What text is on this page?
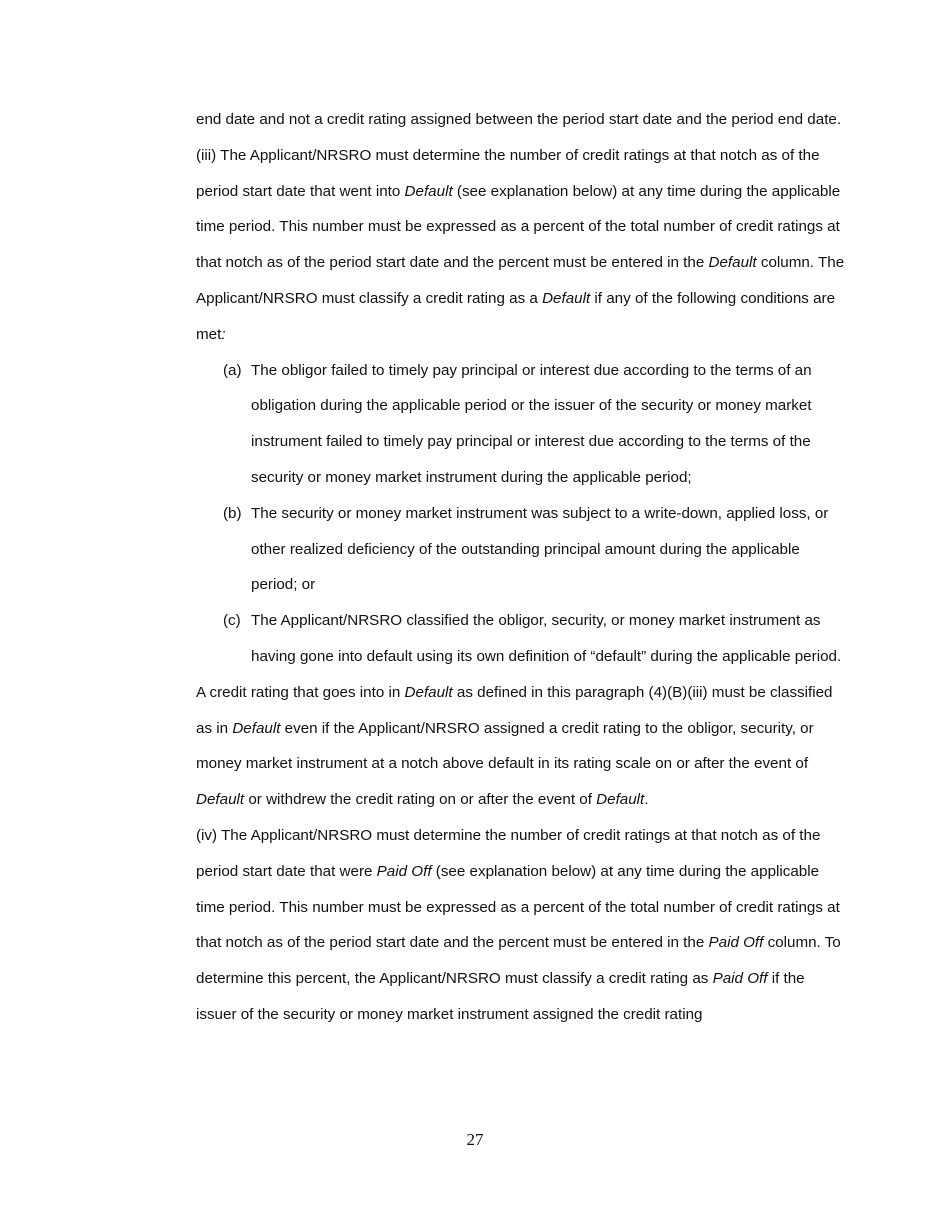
end date and not a credit rating assigned between the period start date and the period end date.

(iii) The Applicant/NRSRO must determine the number of credit ratings at that notch as of the period start date that went into Default (see explanation below) at any time during the applicable time period. This number must be expressed as a percent of the total number of credit ratings at that notch as of the period start date and the percent must be entered in the Default column. The Applicant/NRSRO must classify a credit rating as a Default if any of the following conditions are met:

(a) The obligor failed to timely pay principal or interest due according to the terms of an obligation during the applicable period or the issuer of the security or money market instrument failed to timely pay principal or interest due according to the terms of the security or money market instrument during the applicable period;
(b) The security or money market instrument was subject to a write-down, applied loss, or other realized deficiency of the outstanding principal amount during the applicable period; or
(c) The Applicant/NRSRO classified the obligor, security, or money market instrument as having gone into default using its own definition of “default” during the applicable period.

A credit rating that goes into in Default as defined in this paragraph (4)(B)(iii) must be classified as in Default even if the Applicant/NRSRO assigned a credit rating to the obligor, security, or money market instrument at a notch above default in its rating scale on or after the event of Default or withdrew the credit rating on or after the event of Default.

(iv) The Applicant/NRSRO must determine the number of credit ratings at that notch as of the period start date that were Paid Off (see explanation below) at any time during the applicable time period. This number must be expressed as a percent of the total number of credit ratings at that notch as of the period start date and the percent must be entered in the Paid Off column. To determine this percent, the Applicant/NRSRO must classify a credit rating as Paid Off if the issuer of the security or money market instrument assigned the credit rating

27
